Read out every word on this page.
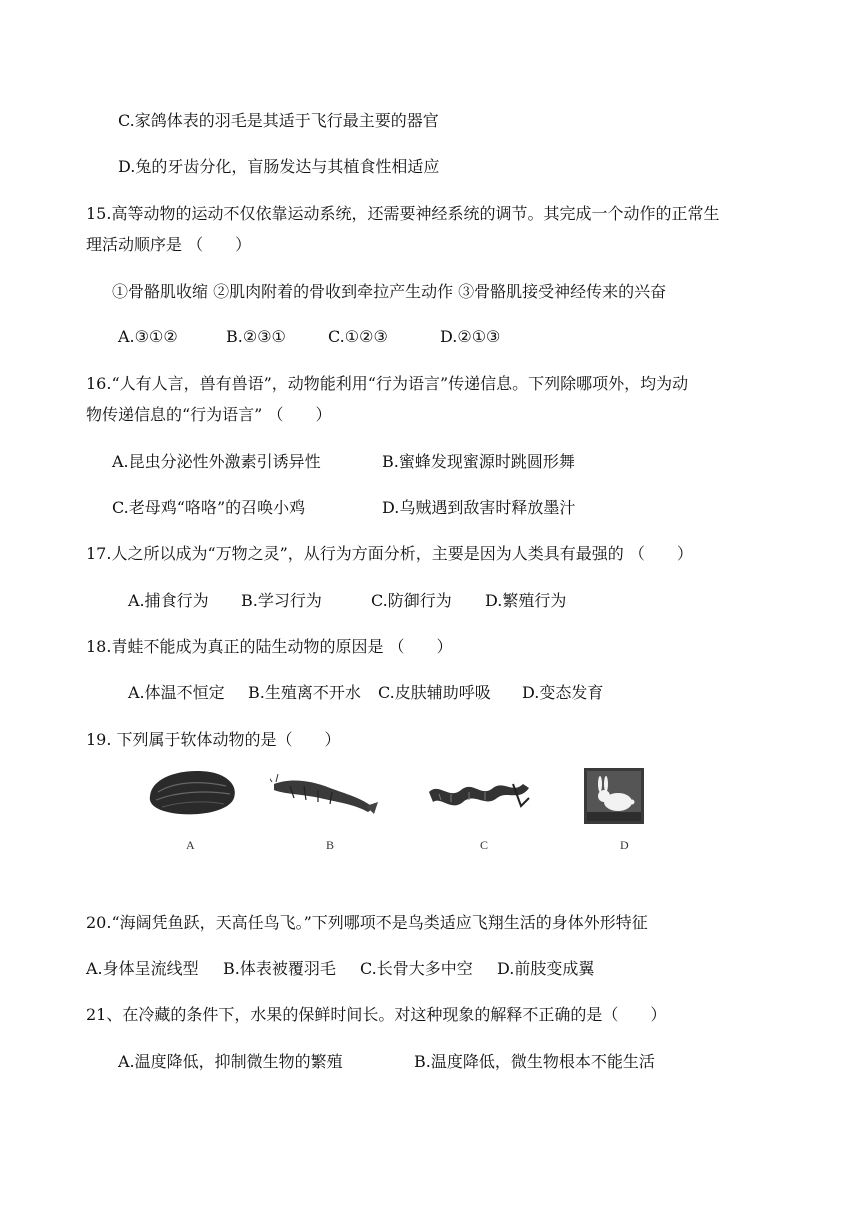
C.家鸽体表的羽毛是其适于飞行最主要的器官
D.兔的牙齿分化，盲肠发达与其植食性相适应
15.高等动物的运动不仅依靠运动系统，还需要神经系统的调节。其完成一个动作的正常生
理活动顺序是 （　　）
①骨骼肌收缩 ②肌肉附着的骨收到牵拉产生动作 ③骨骼肌接受神经传来的兴奋
A.③①②	B.②③①	C.①②③	D.②①③
16.“人有人言，兽有兽语”，动物能利用“行为语言”传递信息。下列除哪项外，均为动
物传递信息的“行为语言” （　　）
A.昆虫分泌性外激素引诱异性	B.蜜蜂发现蜜源时跳圆形舞
C.老母鸡“咯咯”的召唤小鸡	D.乌贼遇到敌害时释放墨汁
17.人之所以成为“万物之灵”，从行为方面分析，主要是因为人类具有最强的 （　　）
A.捕食行为 B.学习行为	C.防御行为 D.繁殖行为
18.青蛙不能成为真正的陆生动物的原因是 （　　）
A.体温不恒定 B.生殖离不开水 C.皮肤辅助呼吸 D.变态发育
19. 下列属于软体动物的是（　　）
A	B	C	D
20.“海阔凭鱼跃，天高任鸟飞。”下列哪项不是鸟类适应飞翔生活的身体外形特征
A.身体呈流线型 B.体表被覆羽毛 C.长骨大多中空 D.前肢变成翼
21、在冷藏的条件下，水果的保鲜时间长。对这种现象的解释不正确的是（　　）
A.温度降低，抑制微生物的繁殖	B.温度降低，微生物根本不能生活
